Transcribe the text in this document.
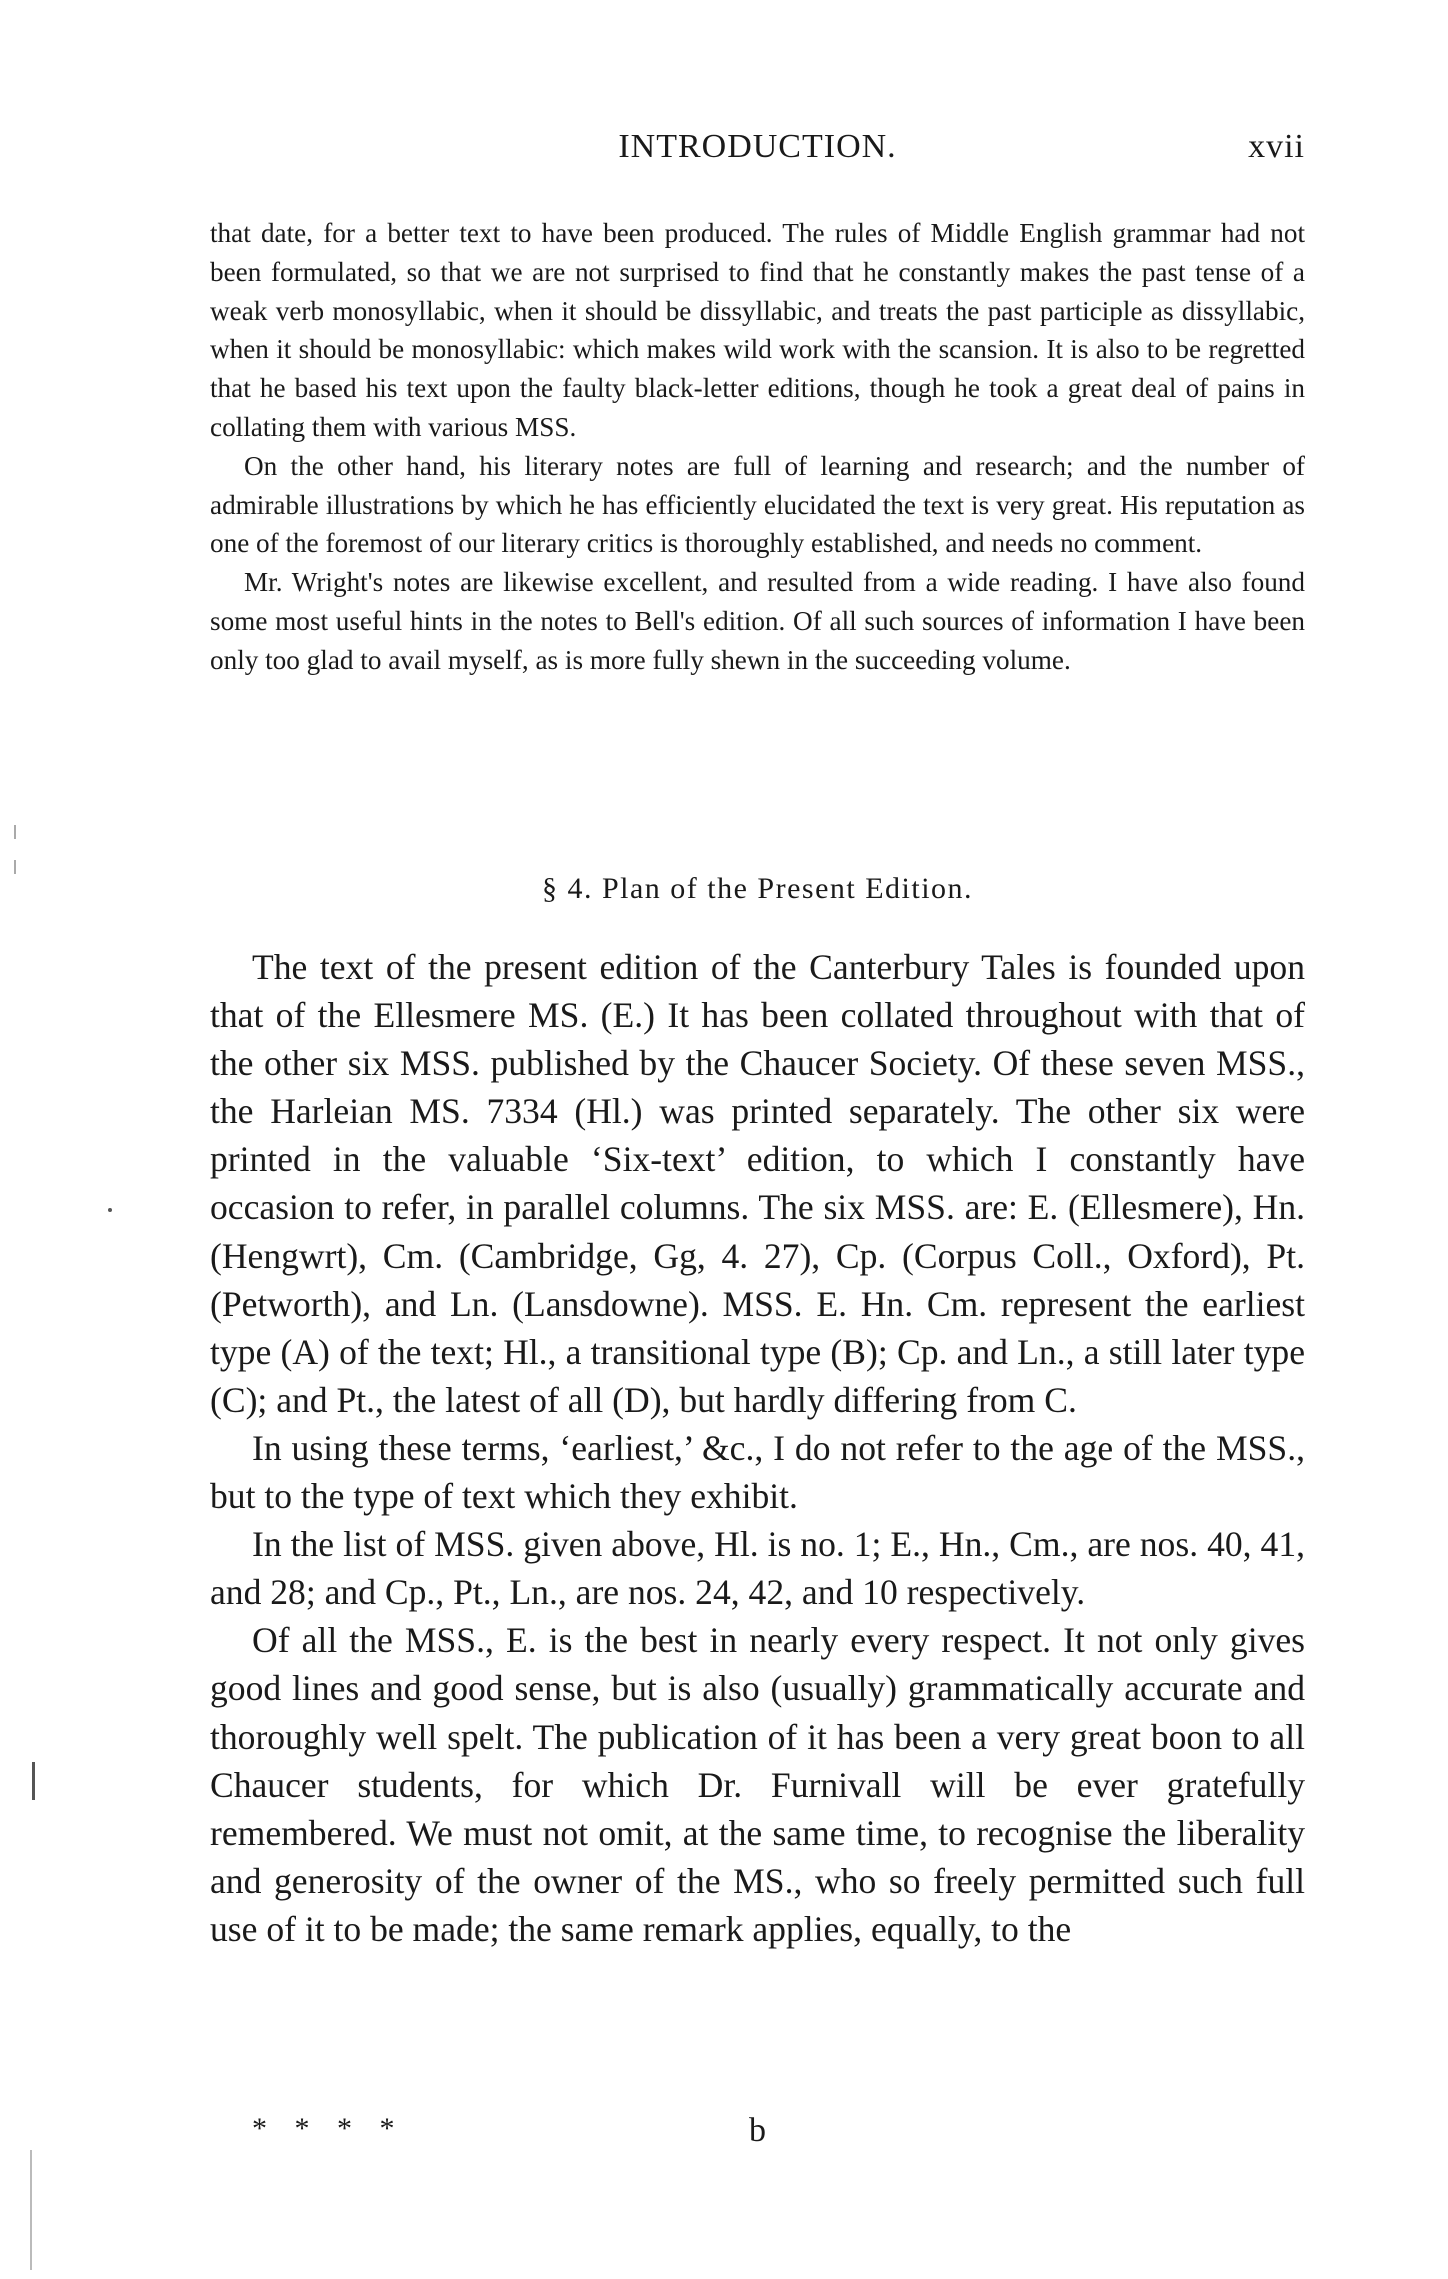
INTRODUCTION.	xvii

that date, for a better text to have been produced. The rules of Middle English grammar had not been formulated, so that we are not surprised to find that he constantly makes the past tense of a weak verb monosyllabic, when it should be dissyllabic, and treats the past participle as dissyllabic, when it should be monosyllabic: which makes wild work with the scansion. It is also to be regretted that he based his text upon the faulty black-letter editions, though he took a great deal of pains in collating them with various MSS.

On the other hand, his literary notes are full of learning and research; and the number of admirable illustrations by which he has efficiently elucidated the text is very great. His reputation as one of the foremost of our literary critics is thoroughly established, and needs no comment.

Mr. Wright's notes are likewise excellent, and resulted from a wide reading. I have also found some most useful hints in the notes to Bell's edition. Of all such sources of information I have been only too glad to avail myself, as is more fully shewn in the succeeding volume.

§ 4. Plan of the Present Edition.

The text of the present edition of the Canterbury Tales is founded upon that of the Ellesmere MS. (E.) It has been collated throughout with that of the other six MSS. published by the Chaucer Society. Of these seven MSS., the Harleian MS. 7334 (Hl.) was printed separately. The other six were printed in the valuable ‘Six-text’ edition, to which I constantly have occasion to refer, in parallel columns. The six MSS. are: E. (Ellesmere), Hn. (Hengwrt), Cm. (Cambridge, Gg, 4. 27), Cp. (Corpus Coll., Oxford), Pt. (Petworth), and Ln. (Lansdowne). MSS. E. Hn. Cm. represent the earliest type (A) of the text; Hl., a transitional type (B); Cp. and Ln., a still later type (C); and Pt., the latest of all (D), but hardly differing from C.

In using these terms, ‘earliest,’ &c., I do not refer to the age of the MSS., but to the type of text which they exhibit.

In the list of MSS. given above, Hl. is no. 1; E., Hn., Cm., are nos. 40, 41, and 28; and Cp., Pt., Ln., are nos. 24, 42, and 10 respectively.

Of all the MSS., E. is the best in nearly every respect. It not only gives good lines and good sense, but is also (usually) grammatically accurate and thoroughly well spelt. The publication of it has been a very great boon to all Chaucer students, for which Dr. Furnivall will be ever gratefully remembered. We must not omit, at the same time, to recognise the liberality and generosity of the owner of the MS., who so freely permitted such full use of it to be made; the same remark applies, equally, to the

* * * *	b
